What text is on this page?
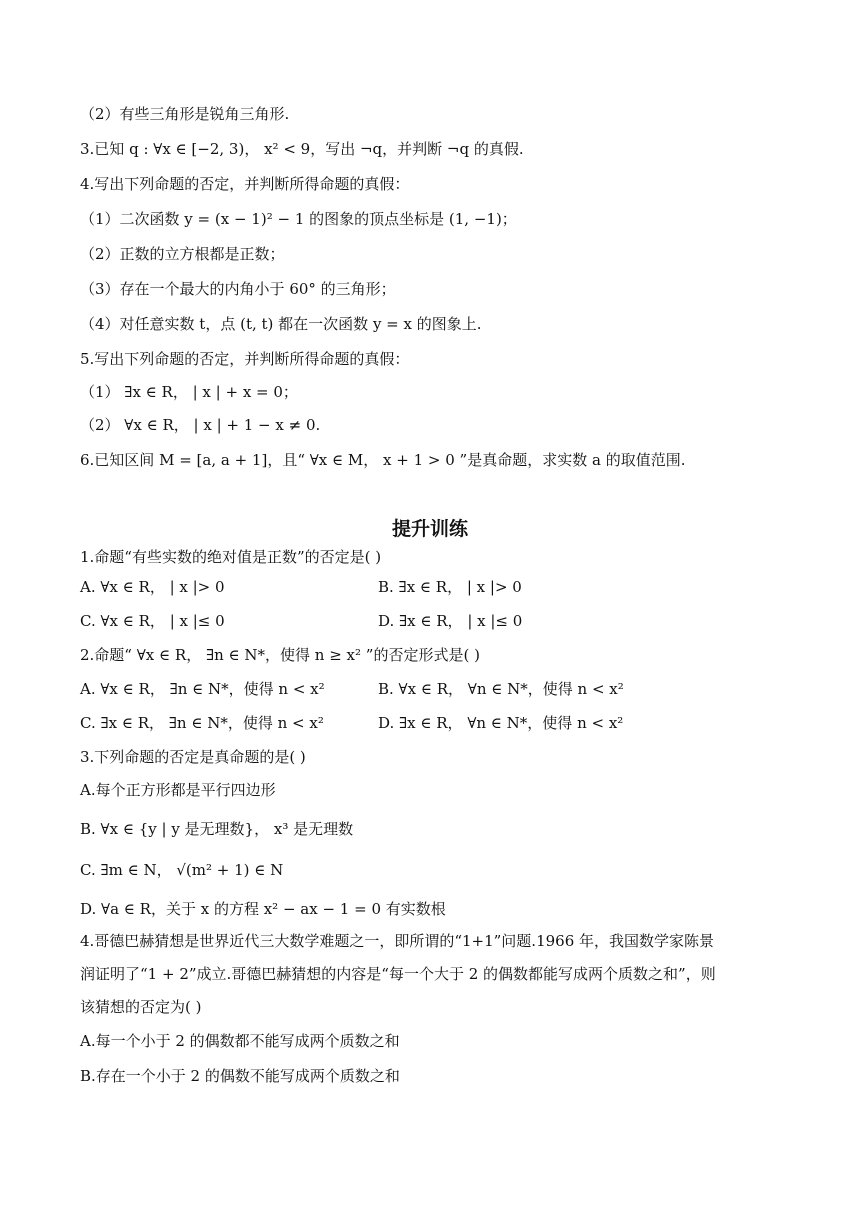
（2）有些三角形是锐角三角形.
3.已知 q : ∀x ∈ [−2, 3)， x² < 9，写出 ¬q，并判断 ¬q 的真假.
4.写出下列命题的否定，并判断所得命题的真假：
（1）二次函数 y = (x − 1)² − 1 的图象的顶点坐标是 (1, −1)；
（2）正数的立方根都是正数；
（3）存在一个最大的内角小于 60° 的三角形；
（4）对任意实数 t，点 (t, t) 都在一次函数 y = x 的图象上.
5.写出下列命题的否定，并判断所得命题的真假：
（1） ∃x ∈ R， | x | + x = 0；
（2） ∀x ∈ R， | x | + 1 − x ≠ 0.
6.已知区间 M = [a, a + 1]，且“ ∀x ∈ M， x + 1 > 0 ”是真命题，求实数 a 的取值范围.
提升训练
1.命题“有些实数的绝对值是正数”的否定是( )
A. ∀x ∈ R， | x |> 0	B. ∃x ∈ R， | x |> 0
C. ∀x ∈ R， | x |≤ 0	D. ∃x ∈ R， | x |≤ 0
2.命题“ ∀x ∈ R， ∃n ∈ N*，使得 n ≥ x² ”的否定形式是( )
A. ∀x ∈ R， ∃n ∈ N*，使得 n < x²	B. ∀x ∈ R， ∀n ∈ N*，使得 n < x²
C. ∃x ∈ R， ∃n ∈ N*，使得 n < x²	D. ∃x ∈ R， ∀n ∈ N*，使得 n < x²
3.下列命题的否定是真命题的是( )
A.每个正方形都是平行四边形
B. ∀x ∈ {y | y 是无理数}， x³ 是无理数
C. ∃m ∈ N， √(m² + 1) ∈ N
D. ∀a ∈ R，关于 x 的方程 x² − ax − 1 = 0 有实数根
4.哥德巴赫猜想是世界近代三大数学难题之一，即所谓的“1+1”问题.1966 年，我国数学家陈景
润证明了“1 + 2”成立.哥德巴赫猜想的内容是“每一个大于 2 的偶数都能写成两个质数之和”，则
该猜想的否定为( )
A.每一个小于 2 的偶数都不能写成两个质数之和
B.存在一个小于 2 的偶数不能写成两个质数之和
